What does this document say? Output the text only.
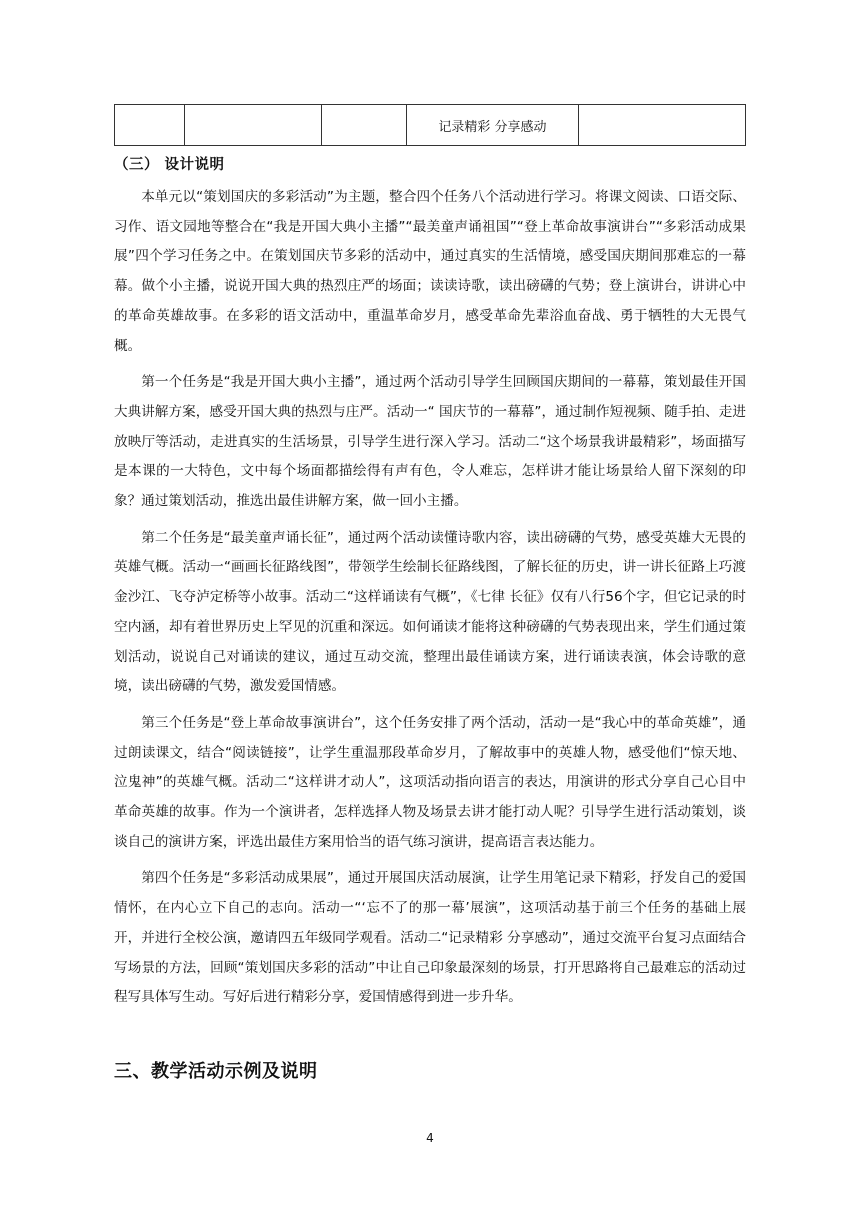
			记录精彩 分享感动	
（三） 设计说明

本单元以“策划国庆的多彩活动”为主题，整合四个任务八个活动进行学习。将课文阅读、口语交际、习作、语文园地等整合在“我是开国大典小主播”“最美童声诵祖国”“登上革命故事演讲台”“多彩活动成果展”四个学习任务之中。在策划国庆节多彩的活动中，通过真实的生活情境，感受国庆期间那难忘的一幕幕。做个小主播，说说开国大典的热烈庄严的场面；读读诗歌，读出磅礴的气势；登上演讲台，讲讲心中的革命英雄故事。在多彩的语文活动中，重温革命岁月，感受革命先辈浴血奋战、勇于牺牲的大无畏气概。

第一个任务是“我是开国大典小主播”，通过两个活动引导学生回顾国庆期间的一幕幕，策划最佳开国大典讲解方案，感受开国大典的热烈与庄严。活动一“ 国庆节的一幕幕”，通过制作短视频、随手拍、走进放映厅等活动，走进真实的生活场景，引导学生进行深入学习。活动二“这个场景我讲最精彩”，场面描写是本课的一大特色，文中每个场面都描绘得有声有色，令人难忘，怎样讲才能让场景给人留下深刻的印象？通过策划活动，推选出最佳讲解方案，做一回小主播。

第二个任务是“最美童声诵长征”，通过两个活动读懂诗歌内容，读出磅礴的气势，感受英雄大无畏的英雄气概。活动一“画画长征路线图”，带领学生绘制长征路线图，了解长征的历史，讲一讲长征路上巧渡金沙江、飞夺泸定桥等小故事。活动二“这样诵读有气概”，《七律 长征》仅有八行56个字，但它记录的时空内涵，却有着世界历史上罕见的沉重和深远。如何诵读才能将这种磅礴的气势表现出来，学生们通过策划活动，说说自己对诵读的建议，通过互动交流，整理出最佳诵读方案，进行诵读表演，体会诗歌的意境，读出磅礴的气势，激发爱国情感。

第三个任务是“登上革命故事演讲台”，这个任务安排了两个活动，活动一是“我心中的革命英雄”，通过朗读课文，结合“阅读链接”，让学生重温那段革命岁月，了解故事中的英雄人物，感受他们“惊天地、泣鬼神”的英雄气概。活动二“这样讲才动人”，这项活动指向语言的表达，用演讲的形式分享自己心目中革命英雄的故事。作为一个演讲者，怎样选择人物及场景去讲才能打动人呢？引导学生进行活动策划，谈谈自己的演讲方案，评选出最佳方案用恰当的语气练习演讲，提高语言表达能力。

第四个任务是“多彩活动成果展”，通过开展国庆活动展演，让学生用笔记录下精彩，抒发自己的爱国情怀，在内心立下自己的志向。活动一“‘忘不了的那一幕’展演”，这项活动基于前三个任务的基础上展开，并进行全校公演，邀请四五年级同学观看。活动二“记录精彩 分享感动”，通过交流平台复习点面结合写场景的方法，回顾“策划国庆多彩的活动”中让自己印象最深刻的场景，打开思路将自己最难忘的活动过程写具体写生动。写好后进行精彩分享，爱国情感得到进一步升华。

三、教学活动示例及说明
4
